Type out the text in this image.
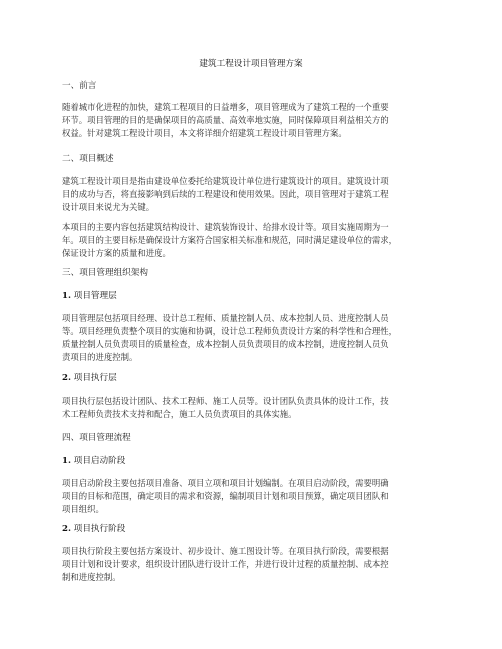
建筑工程设计项目管理方案
一、前言
随着城市化进程的加快，建筑工程项目的日益增多，项目管理成为了建筑工程的一个重要
环节。项目管理的目的是确保项目的高质量、高效率地实施，同时保障项目利益相关方的
权益。针对建筑工程设计项目，本文将详细介绍建筑工程设计项目管理方案。
二、项目概述
建筑工程设计项目是指由建设单位委托给建筑设计单位进行建筑设计的项目。建筑设计项
目的成功与否，将直接影响到后续的工程建设和使用效果。因此，项目管理对于建筑工程
设计项目来说尤为关键。
本项目的主要内容包括建筑结构设计、建筑装饰设计、给排水设计等。项目实施周期为一
年。项目的主要目标是确保设计方案符合国家相关标准和规范，同时满足建设单位的需求，
保证设计方案的质量和进度。
三、项目管理组织架构
1. 项目管理层
项目管理层包括项目经理、设计总工程师、质量控制人员、成本控制人员、进度控制人员
等。项目经理负责整个项目的实施和协调，设计总工程师负责设计方案的科学性和合理性，
质量控制人员负责项目的质量检查，成本控制人员负责项目的成本控制，进度控制人员负
责项目的进度控制。
2. 项目执行层
项目执行层包括设计团队、技术工程师、施工人员等。设计团队负责具体的设计工作，技
术工程师负责技术支持和配合，施工人员负责项目的具体实施。
四、项目管理流程
1. 项目启动阶段
项目启动阶段主要包括项目准备、项目立项和项目计划编制。在项目启动阶段，需要明确
项目的目标和范围，确定项目的需求和资源，编制项目计划和项目预算，确定项目团队和
项目组织。
2. 项目执行阶段
项目执行阶段主要包括方案设计、初步设计、施工图设计等。在项目执行阶段，需要根据
项目计划和设计要求，组织设计团队进行设计工作，并进行设计过程的质量控制、成本控
制和进度控制。
